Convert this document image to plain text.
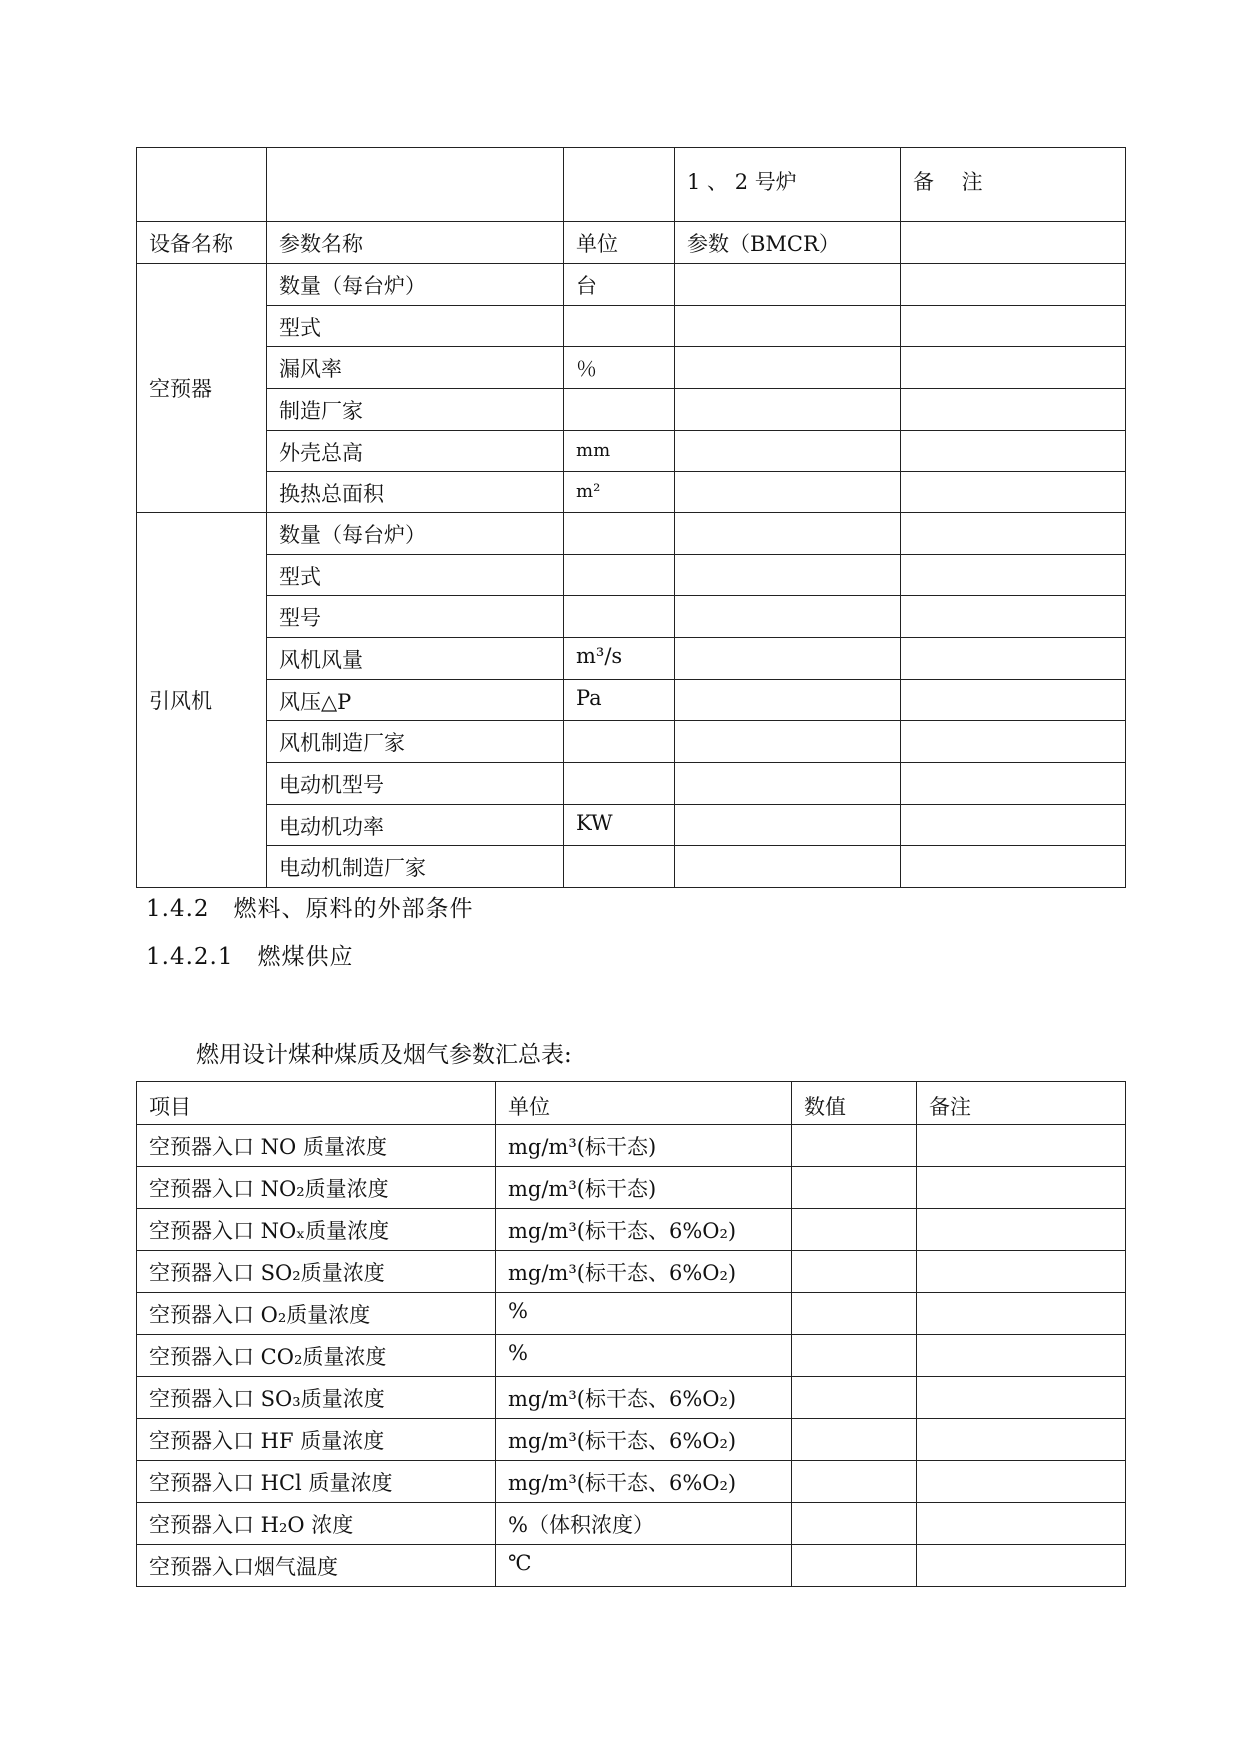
			1 、 2 号炉	备　 注
设备名称	参数名称	单位	参数（BMCR）	
空预器	数量（每台炉）	台		
	型式			
	漏风率	％		
	制造厂家			
	外壳总高	mm		
	换热总面积	m²		
引风机	数量（每台炉）			
	型式			
	型号			
	风机风量	m³/s		
	风压△P	Pa		
	风机制造厂家			
	电动机型号			
	电动机功率	KW		
	电动机制造厂家			
1.4.2　燃料、原料的外部条件
1.4.2.1　燃煤供应
燃用设计煤种煤质及烟气参数汇总表:
项目	单位	数值	备注
空预器入口 NO 质量浓度	mg/m³(标干态)		
空预器入口 NO₂质量浓度	mg/m³(标干态)		
空预器入口 NOₓ质量浓度	mg/m³(标干态、6%O₂)		
空预器入口 SO₂质量浓度	mg/m³(标干态、6%O₂)		
空预器入口 O₂质量浓度	%		
空预器入口 CO₂质量浓度	%		
空预器入口 SO₃质量浓度	mg/m³(标干态、6%O₂)		
空预器入口 HF 质量浓度	mg/m³(标干态、6%O₂)		
空预器入口 HCl 质量浓度	mg/m³(标干态、6%O₂)		
空预器入口 H₂O 浓度	%（体积浓度）		
空预器入口烟气温度	℃		
